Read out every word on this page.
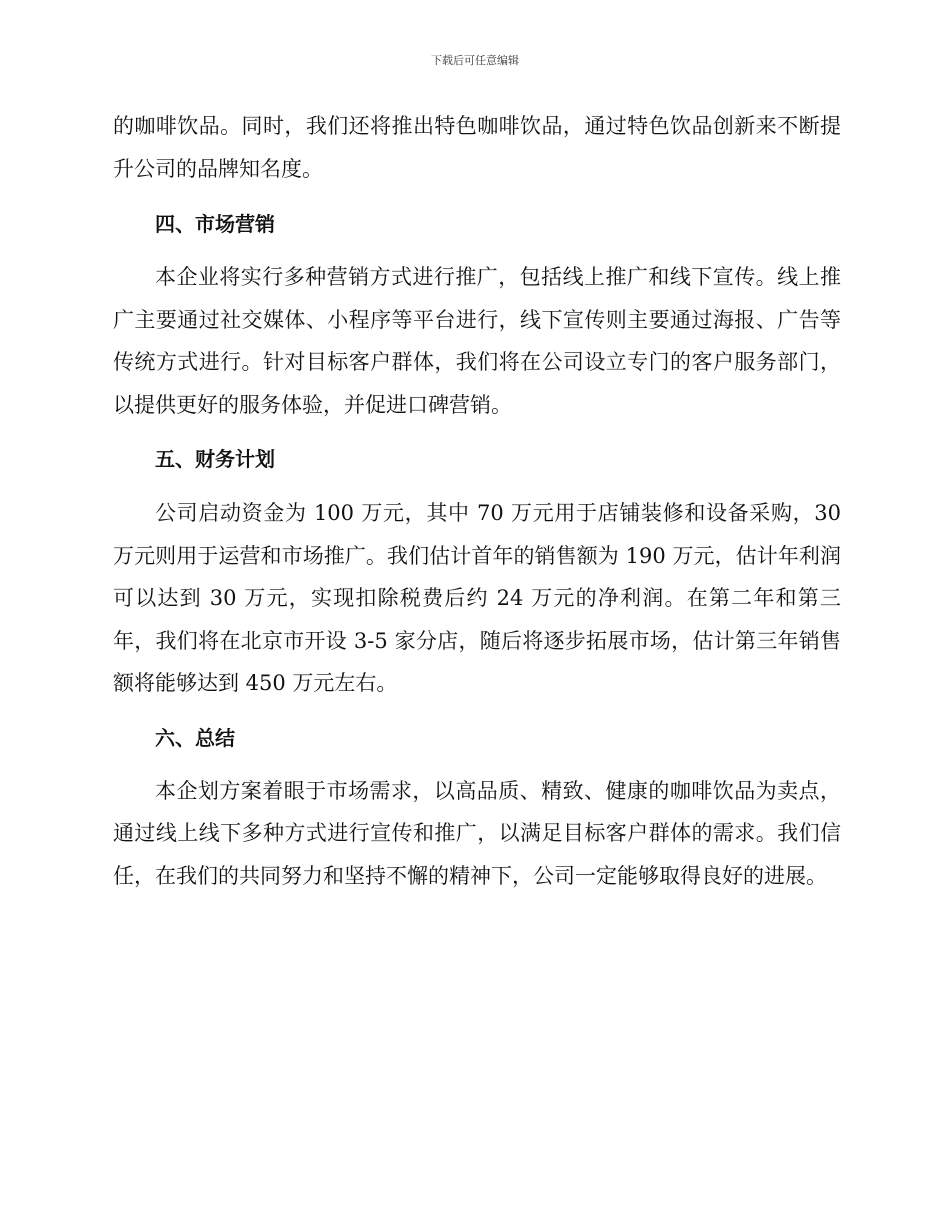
下载后可任意编辑

的咖啡饮品。同时，我们还将推出特色咖啡饮品，通过特色饮品创新来不断提升公司的品牌知名度。

四、市场营销

本企业将实行多种营销方式进行推广，包括线上推广和线下宣传。线上推广主要通过社交媒体、小程序等平台进行，线下宣传则主要通过海报、广告等传统方式进行。针对目标客户群体，我们将在公司设立专门的客户服务部门，以提供更好的服务体验，并促进口碑营销。

五、财务计划

公司启动资金为 100 万元，其中 70 万元用于店铺装修和设备采购，30 万元则用于运营和市场推广。我们估计首年的销售额为 190 万元，估计年利润可以达到 30 万元，实现扣除税费后约 24 万元的净利润。在第二年和第三年，我们将在北京市开设 3-5 家分店，随后将逐步拓展市场，估计第三年销售额将能够达到 450 万元左右。

六、总结

本企划方案着眼于市场需求，以高品质、精致、健康的咖啡饮品为卖点，通过线上线下多种方式进行宣传和推广，以满足目标客户群体的需求。我们信任，在我们的共同努力和坚持不懈的精神下，公司一定能够取得良好的进展。
